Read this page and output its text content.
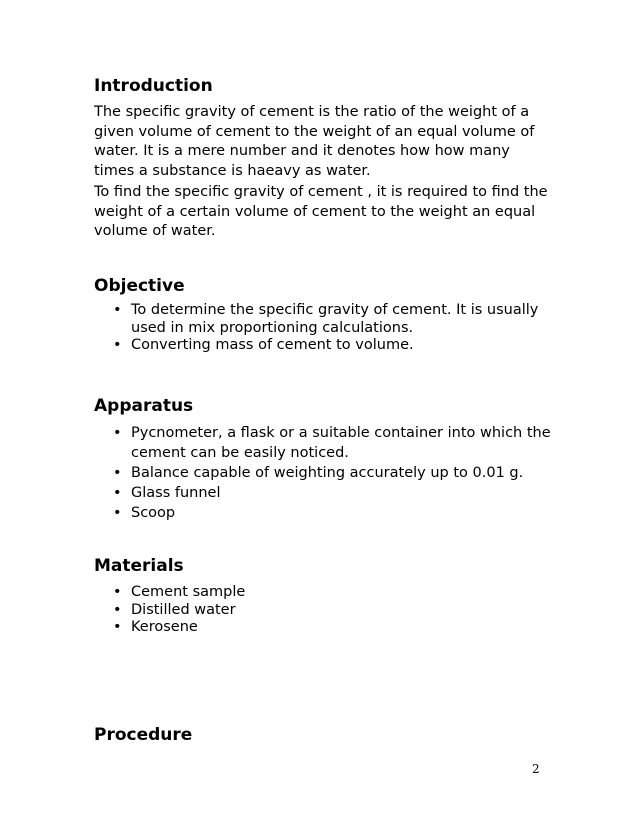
Introduction

The specific gravity of cement is the ratio of the weight of a given volume of cement to the weight of an equal volume of water. It is a mere number and it denotes how how many times a substance is haeavy as water.

To find the specific gravity of cement , it is required to find the weight of a certain volume of cement to the weight an equal volume of water.

Objective
• To determine the specific gravity of cement. It is usually used in mix proportioning calculations.
• Converting mass of cement to volume.
Apparatus
• Pycnometer, a flask or a suitable container into which the cement can be easily noticed.
• Balance capable of weighting accurately up to 0.01 g.
• Glass funnel
• Scoop
Materials
• Cement sample
• Distilled water
• Kerosene
Procedure
2
